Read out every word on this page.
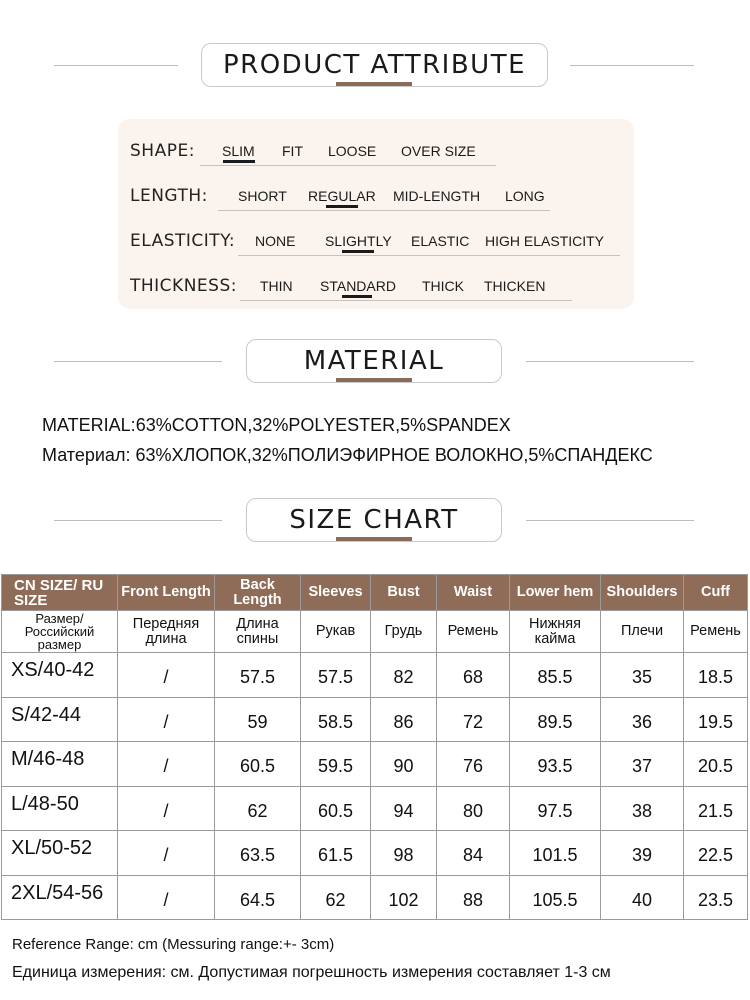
PRODUCT ATTRIBUTE
SHAPE: SLIM FIT LOOSE OVER SIZE
LENGTH: SHORT REGULAR MID-LENGTH LONG
ELASTICITY: NONE SLIGHTLY ELASTIC HIGH ELASTICITY
THICKNESS: THIN STANDARD THICK THICKEN
MATERIAL
MATERIAL:63%COTTON,32%POLYESTER,5%SPANDEX
Материал: 63%ХЛОПОК,32%ПОЛИЭФИРНОЕ ВОЛОКНО,5%СПАНДЕКС
SIZE CHART
CN SIZE/ RU SIZE	Front Length	Back Length	Sleeves	Bust	Waist	Lower hem	Shoulders	Cuff
Размер/ Российский размер	Передняя длина	Длина спины	Рукав	Грудь	Ремень	Нижняя кайма	Плечи	Ремень
XS/40-42	/	57.5	57.5	82	68	85.5	35	18.5
S/42-44	/	59	58.5	86	72	89.5	36	19.5
M/46-48	/	60.5	59.5	90	76	93.5	37	20.5
L/48-50	/	62	60.5	94	80	97.5	38	21.5
XL/50-52	/	63.5	61.5	98	84	101.5	39	22.5
2XL/54-56	/	64.5	62	102	88	105.5	40	23.5
Reference Range: cm (Messuring range:+- 3cm)
Единица измерения: см. Допустимая погрешность измерения составляет 1-3 см
